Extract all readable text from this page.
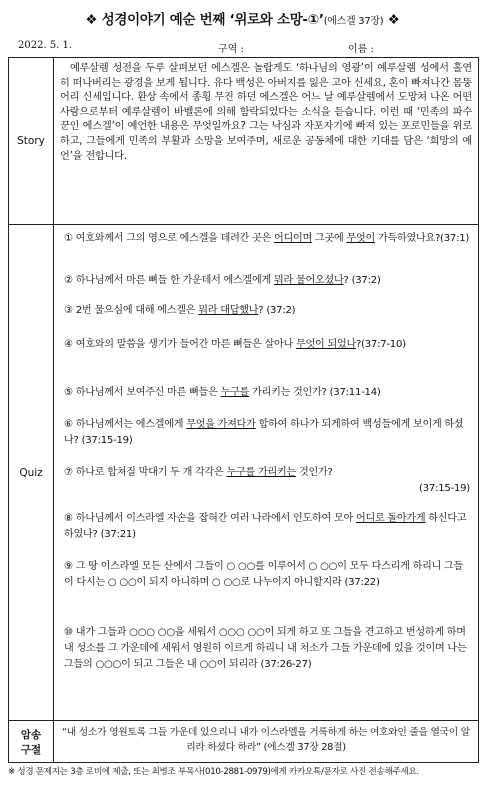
❖ 성경이야기 예순 번째 ‘위로와 소망-①’(에스겔 37장) ❖
2022. 5. 1.	구역 :	이름 :
Story
예루살렘 성전을 두루 살펴보던 에스겔은 놀랍게도 ‘하나님의 영광’이 예루살렘 성에서 홀연히 떠나버리는 광경을 보게 됩니다. 유다 백성은 아버지를 잃은 고아 신세요, 혼이 빠져나간 몸뚱어리 신세입니다. 환상 속에서 종횡 무진 하던 에스겔은 어느 날 예루살렘에서 도망쳐 나온 어떤 사람으로부터 예루살렘이 바벨론에 의해 함락되었다는 소식을 듣습니다. 이런 때 ‘민족의 파수꾼인 에스겔’이 예언한 내용은 무엇일까요? 그는 낙심과 자포자기에 빠져 있는 포로민들을 위로하고, 그들에게 민족의 부활과 소망을 보여주며, 새로운 공동체에 대한 기대를 담은 ‘희망의 예언’을 전합니다.
Quiz
① 여호와께서 그의 영으로 에스겔을 데려간 곳은 어디이며 그곳에 무엇이 가득하였나요?(37:1)
② 하나님께서 마른 뼈들 한 가운데서 에스겔에게 뭐라 물어오셨나? (37:2)
③ 2번 물으심에 대해 에스겔은 뭐라 대답했나? (37:2)
④ 여호와의 말씀을 생기가 들어간 마른 뼈들은 살아나 무엇이 되었나?(37:7-10)
⑤ 하나님께서 보여주신 마른 뼈들은 누구를 가리키는 것인가? (37:11-14)
⑥ 하나님께서는 에스겔에게 무엇을 가져다가 합하여 하나가 되게하여 백성들에게 보이게 하셨나? (37:15-19)
⑦ 하나로 합쳐질 막대기 두 개 각각은 누구를 가리키는 것인가?
(37:15-19)
⑧ 하나님께서 이스라엘 자손을 잡혀간 여러 나라에서 인도하여 모아 어디로 돌아가게 하신다고 하였나? (37:21)
⑨ 그 땅 이스라엘 모든 산에서 그들이 ○ ○○를 이루어서 ○ ○○이 모두 다스리게 하리니 그들이 다시는 ○ ○○이 되지 아니하며 ○ ○○로 나누이지 아니할지라 (37:22)
⑩ 내가 그들과 ○○○ ○○을 세워서 ○○○ ○○이 되게 하고 또 그들을 견고하고 번성하게 하며 내 성소를 그 가운데에 세워서 영원히 이르게 하리니 내 처소가 그들 가운데에 있을 것이며 나는 그들의 ○○○이 되고 그들은 내 ○○이 되리라 (37:26-27)
암송
구절
“내 성소가 영원토록 그들 가운데 있으리니 내가 이스라엘을 거룩하게 하는 여호와인 줄을 열국이 알리라 하셨다 하라” (에스겔 37장 28절)
※ 성경 문제지는 3층 로비에 제출, 또는 최병조 부목사(010-2881-0979)에게 카카오톡/문자로 사진 전송해주세요.
